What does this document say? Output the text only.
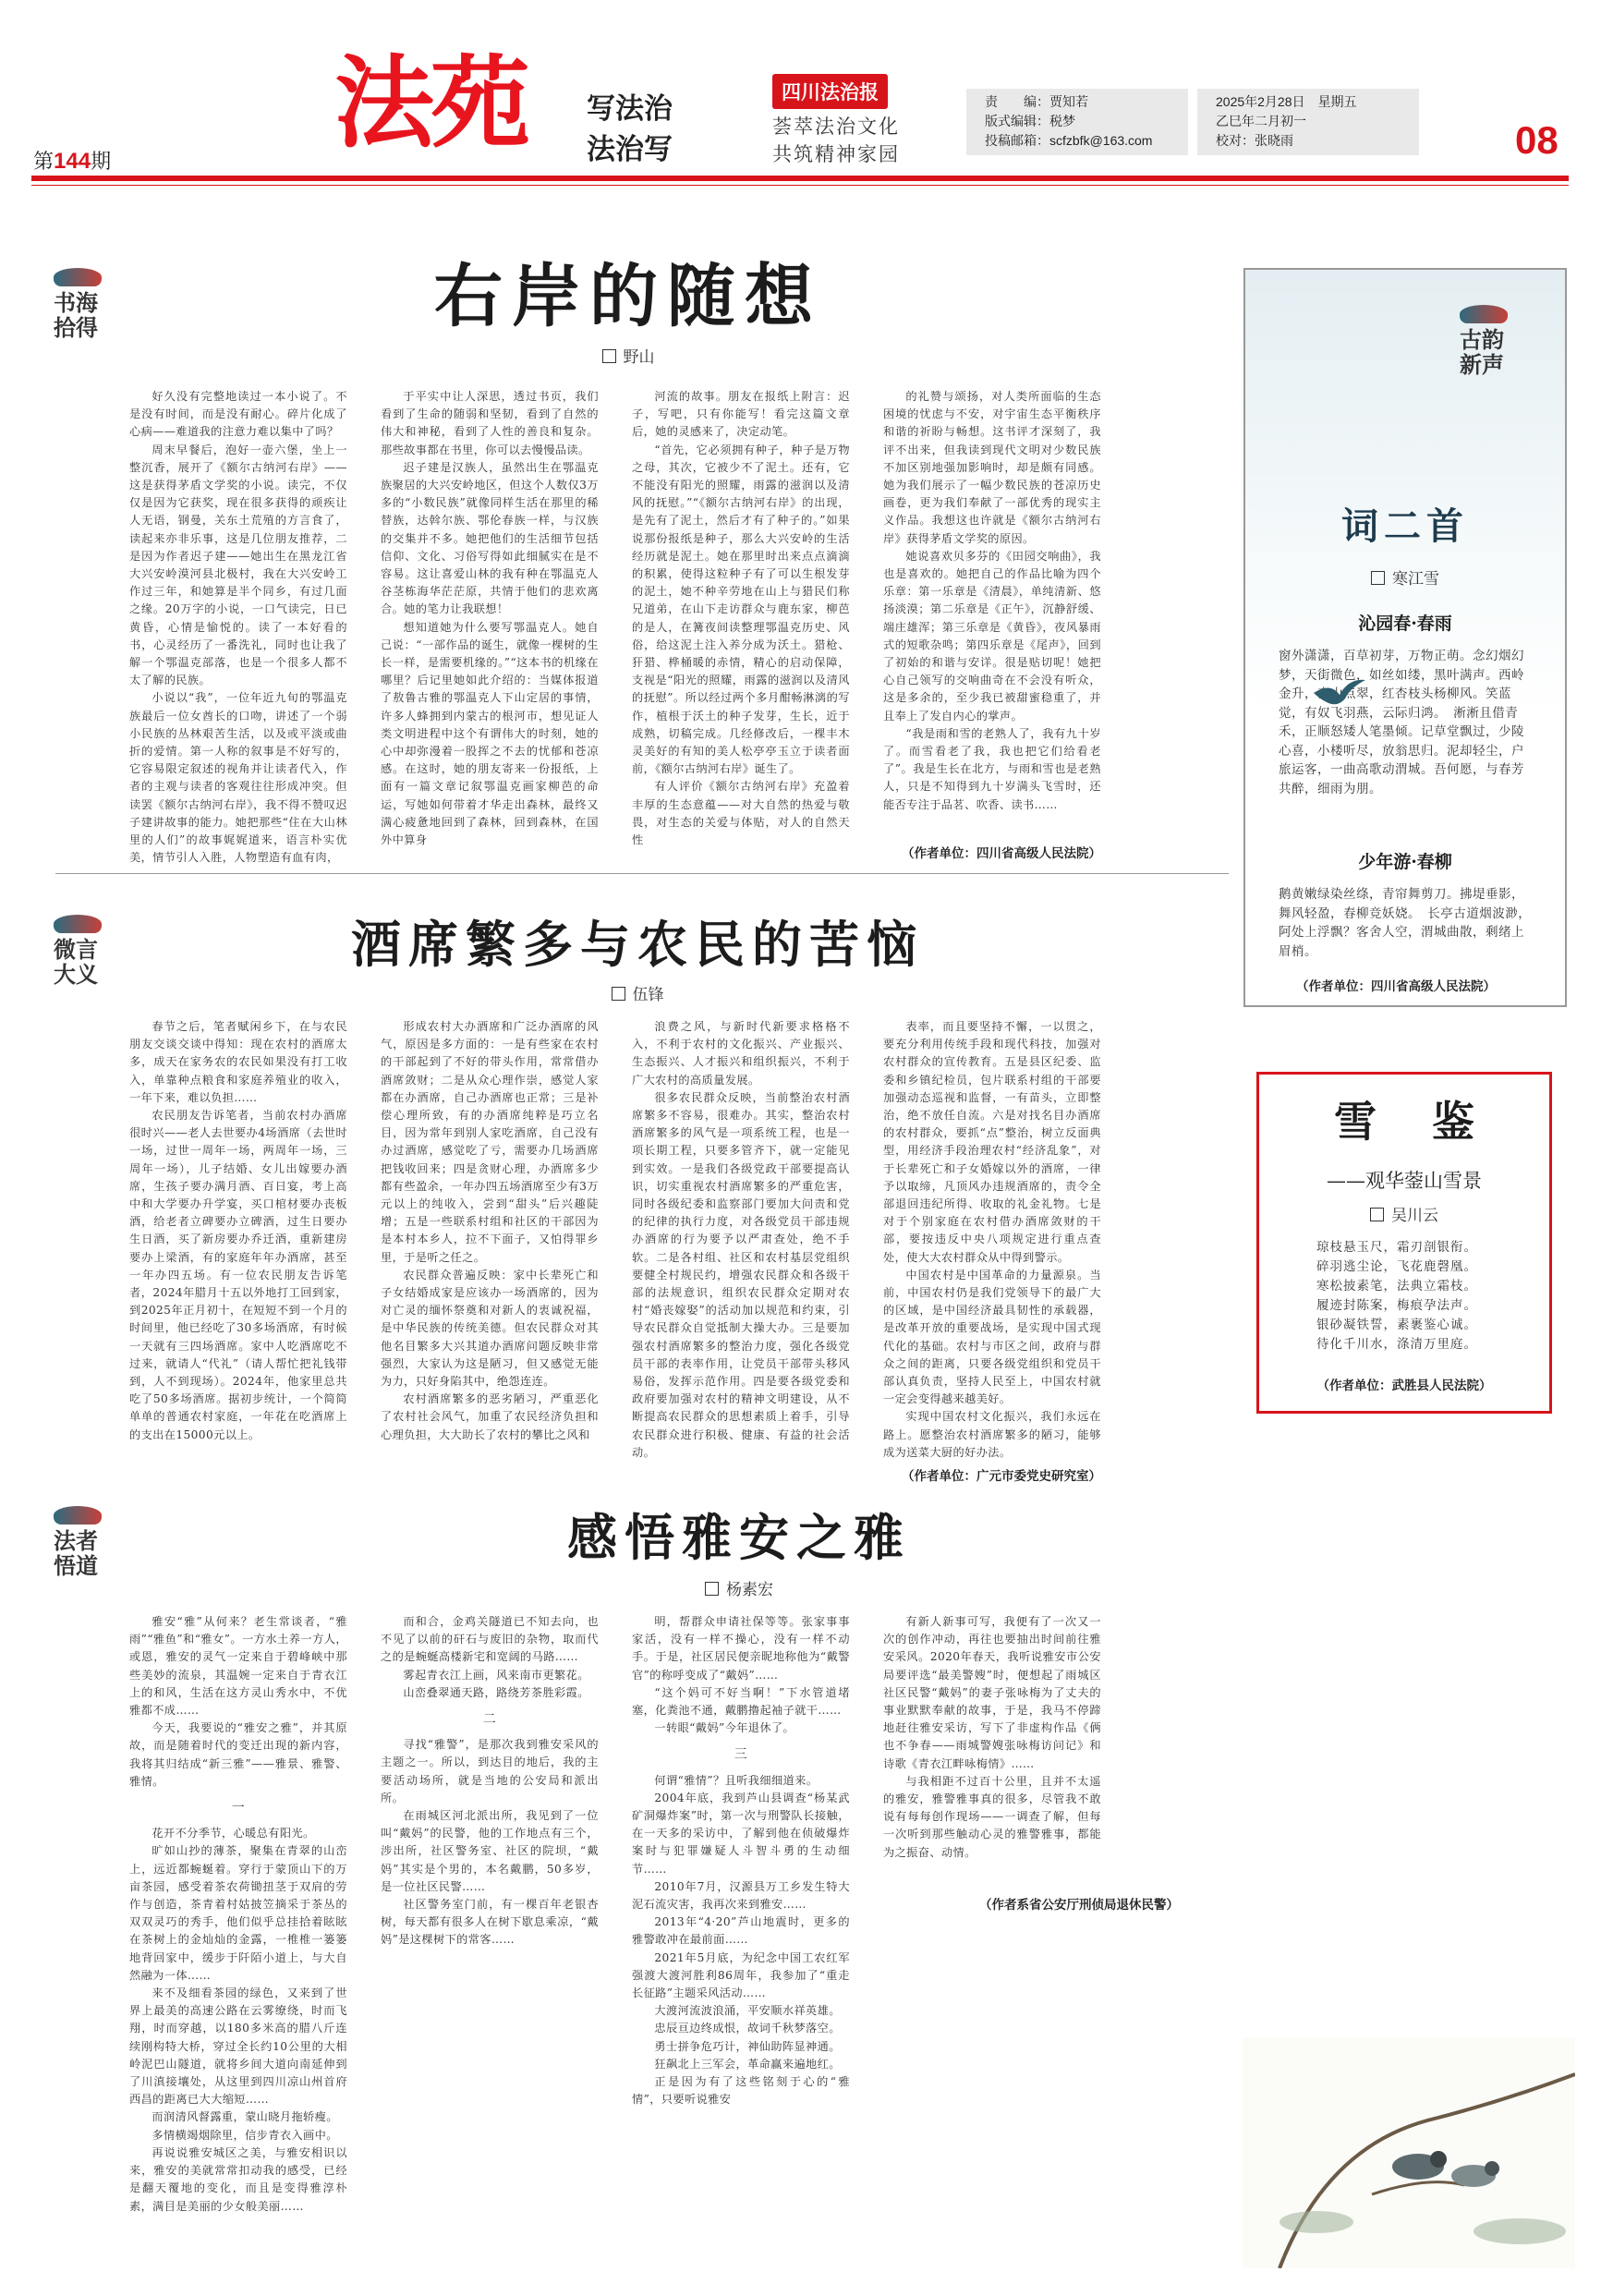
第144期 法苑 写法治
法治写
四川法治报
荟萃法治文化
共筑精神家园
责　　编：贾知若
版式编辑：税梦
投稿邮箱：scfzbfk@163.com
2025年2月28日　星期五
乙巳年二月初一
校对：张晓雨	08
书海拾得	右岸的随想
野山

好久没有完整地读过一本小说了。不是没有时间，而是没有耐心。碎片化成了心病——难道我的注意力难以集中了吗？

周末早餐后，泡好一壶六堡，坐上一整沉香，展开了《额尔古纳河右岸》——这是获得茅盾文学奖的小说。读完，不仅仅是因为它获奖，现在很多获得的顽疾让人无语，钢曼，关东土荒殖的方言食了，读起来亦非乐事，这是几位朋友推荐，二是因为作者迟子建——她出生在黑龙江省大兴安岭漠河县北极村，我在大兴安岭工作过三年，和她算是半个同乡，有过几面之缘。20万字的小说，一口气读完，日已黄昏，心情是愉悦的。读了一本好看的书，心灵经历了一番洗礼，同时也让我了解一个鄂温克部落，也是一个很多人都不太了解的民族。

小说以“我”，一位年近九旬的鄂温克族最后一位女酋长的口吻，讲述了一个弱小民族的丛林艰苦生活，以及或平淡或曲折的爱情。第一人称的叙事是不好写的，它容易限定叙述的视角并让读者代入，作者的主观与读者的客观往往形成冲突。但读罢《额尔古纳河右岸》，我不得不赞叹迟子建讲故事的能力。她把那些“住在大山林里的人们”的故事娓娓道来，语言朴实优美，情节引人入胜，人物塑造有血有肉，

于平实中让人深思，透过书页，我们看到了生命的随弱和坚韧，看到了自然的伟大和神秘，看到了人性的善良和复杂。那些故事都在书里，你可以去慢慢品读。

迟子建是汉族人，虽然出生在鄂温克族聚居的大兴安岭地区，但这个人数仅3万多的“小数民族”就像同样生活在那里的稀替族，达斡尔族、鄂伦春族一样，与汉族的交集并不多。她把他们的生活细节包括信仰、文化、习俗写得如此细腻实在是不容易。这让喜爱山林的我有种在鄂温克人谷茎栋海华茫茫原，共情于他们的悲欢离合。她的笔力让我联想！

想知道她为什么要写鄂温克人。她自己说：“一部作品的诞生，就像一棵树的生长一样，是需要机缘的。”“这本书的机缘在哪里？后记里她如此介绍的：当媒体报道了敖鲁古雅的鄂温克人下山定居的事情，许多人蜂拥到内蒙古的根河市，想见证人类文明进程中这个有谓伟大的时刻，她的心中却弥漫着一股挥之不去的忧郁和苍凉感。在这时，她的朋友寄来一份报纸，上面有一篇文章记叙鄂温克画家柳芭的命运，写她如何带着才华走出森林，最终又满心疲惫地回到了森林，回到森林，在国外中算身

河流的故事。朋友在报纸上附言：迟子，写吧，只有你能写！看完这篇文章后，她的灵感来了，决定动笔。

“首先，它必须拥有种子，种子是万物之母，其次，它被少不了泥土。还有，它不能没有阳光的照耀，雨露的滋润以及清风的抚慰。”“《额尔古纳河右岸》的出现，是先有了泥土，然后才有了种子的。”如果说那份报纸是种子，那么大兴安岭的生活经历就是泥土。她在那里时出来点点滴滴的积累，使得这粒种子有了可以生根发芽的泥土，她不种辛劳地在山上与猎民们称兄道弟，在山下走访群众与鹿东家，柳芭的是人，在篝夜间读整理鄂温克历史、风俗，给这泥土注入养分成为沃土。猎枪、犴猎、桦桶暖的赤情，精心的启动保障，支视是“阳光的照耀，雨露的滋润以及清风的抚慰”。所以经过两个多月酣畅淋漓的写作，植根于沃土的种子发芽，生长，近于成熟，切稿完成。几经修改后，一棵丰木灵美好的有知的美人松亭亭玉立于读者面前，《额尔古纳河右岸》诞生了。

有人评价《额尔古纳河右岸》充盈着丰厚的生态意蕴——对大自然的热爱与敬畏，对生态的关爱与体贴，对人的自然天性

的礼赞与颂扬，对人类所面临的生态困境的忧虑与不安，对宇宙生态平衡秩序和谐的祈盼与畅想。这书评才深刻了，我评不出来，但我读到现代文明对少数民族不加区别地强加影响时，却是颇有同感。她为我们展示了一幅少数民族的苍凉历史画卷，更为我们奉献了一部优秀的现实主义作品。我想这也许就是《额尔古纳河右岸》获得茅盾文学奖的原因。

她说喜欢贝多芬的《田园交响曲》，我也是喜欢的。她把自己的作品比喻为四个乐章：第一乐章是《清晨》，单纯清新、悠扬淡漠；第二乐章是《正午》，沉静舒缓、端庄雄浑；第三乐章是《黄昏》，夜风暴雨式的短歌杂鸣；第四乐章是《尾声》，回到了初始的和谐与安详。很是贴切呢！她把心自己领写的交响曲奇在不会没有听众，这是多余的，至少我已被甜蜜稳重了，并且奉上了发自内心的掌声。

“我是雨和雪的老熟人了，我有九十岁了。而雪看老了我，我也把它们给看老了”。我是生长在北方，与雨和雪也是老熟人，只是不知得到九十岁满头飞雪时，还能否专注于品茗、吹香、读书……

（作者单位：四川省高级人民法院）
古韵新声
词二首
寒江雪
沁园春·春雨
窗外潇潇，百草初芽，万物正萌。念幻烟幻梦，天街微色，如丝如缕，黑叶满声。西岭金升，南山点翠，红杏枝头杨柳风。笑蓝觉，有奴飞羽燕，云际归鸿。　淅淅且借青禾，正顺怒矮人笔墨倾。记草堂飘过，少陵心喜，小楼听尽，放翁思归。泥却轻尘，户旅运客，一曲高歌动渭城。吾何愿，与春芳共醉，细雨为朋。
少年游·春柳
鹅黄嫩绿染丝绦，青帘舞剪刀。拂堤垂影，舞风轻盈，春柳竞妖娆。　长亭古道烟波渺，阿处上浮飘？客舍人空，渭城曲散，剩绪上眉梢。
（作者单位：四川省高级人民法院）
雪鉴
——观华蓥山雪景
吴川云
琼枝悬玉尺，霜刃剖银衔。
碎羽逃尘论，飞花鹿磬凰。
寒松披素笔，法典立霜枝。
履迹封陈案，梅痕孕法声。
银砂凝铁誓，素裹鉴心诚。
待化千川水，涤清万里庭。
（作者单位：武胜县人民法院）
微言大义
酒席繁多与农民的苦恼
伍锋

春节之后，笔者赋闲乡下，在与农民朋友交谈交谈中得知：现在农村的酒席太多，成天在家务农的农民如果没有打工收入，单靠种点粮食和家庭养殖业的收入，一年下来，难以负担……

农民朋友告诉笔者，当前农村办酒席很时兴——老人去世要办4场酒席（去世时一场，过世一周年一场，两周年一场，三周年一场），儿子结婚、女儿出嫁要办酒席，生孩子要办满月酒、百日宴，考上高中和大学要办升学宴，买口棺材要办丧板酒，给老者立碑要办立碑酒，过生日要办生日酒，买了新房要办乔迁酒，重新建房要办上梁酒，有的家庭年年办酒席，甚至一年办四五场。有一位农民朋友告诉笔者，2024年腊月十五以外地打工回到家，到2025年正月初十，在短短不到一个月的时间里，他已经吃了30多场酒席，有时候一天就有三四场酒席。家中人吃酒席吃不过来，就请人“代礼”（请人帮忙把礼钱带到，人不到现场）。2024年，他家里总共吃了50多场酒席。据初步统计，一个简简单单的普通农村家庭，一年花在吃酒席上的支出在15000元以上。

形成农村大办酒席和广泛办酒席的风气，原因是多方面的：一是有些家在农村的干部起到了不好的带头作用，常常借办酒席敛财；二是从众心理作崇，感觉人家都在办酒席，自己办酒席也正常；三是补偿心理所致，有的办酒席纯粹是巧立名目，因为常年到别人家吃酒席，自己没有办过酒席，感觉吃了亏，需要办几场酒席把钱收回来；四是贪财心理，办酒席多少都有些盈余，一年办四五场酒席至少有3万元以上的纯收入，尝到“甜头”后兴趣陡增；五是一些联系村组和社区的干部因为是本村本乡人，拉不下面子，又怕得罪乡里，于是听之任之。

农民群众普遍反映：家中长辈死亡和子女结婚成家是应该办一场酒席的，因为对亡灵的缅怀祭奠和对新人的衷诚祝福，是中华民族的传统美德。但农民群众对其他名目繁多大兴其道办酒席问题反映非常强烈，大家认为这是陋习，但又感觉无能为力，只好身陷其中，绝怨连连。

农村酒席繁多的恶劣陋习，严重恶化了农村社会风气，加重了农民经济负担和心理负担，大大助长了农村的攀比之风和

浪费之风，与新时代新要求格格不入，不利于农村的文化振兴、产业振兴、生态振兴、人才振兴和组织振兴，不利于广大农村的高质量发展。

很多农民群众反映，当前整治农村酒席繁多不容易，很难办。其实，整治农村酒席繁多的风气是一项系统工程，也是一项长期工程，只要多管齐下，就一定能见到实效。一是我们各级党政干部要提高认识，切实重视农村酒席繁多的严重危害，同时各级纪委和监察部门要加大问责和党的纪律的执行力度，对各级党员干部违规办酒席的行为要予以严肃查处，绝不手软。二是各村组、社区和农村基层党组织要健全村规民约，增强农民群众和各级干部的法规意识，组织农民群众定期对农村“婚丧嫁娶”的活动加以规范和约束，引导农民群众自觉抵制大操大办。三是要加强农村酒席繁多的整治力度，强化各级党员干部的表率作用，让党员干部带头移风易俗，发挥示范作用。四是要各级党委和政府要加强对农村的精神文明建设，从不断提高农民群众的思想素质上着手，引导农民群众进行积极、健康、有益的社会活动。

表率，而且要坚持不懈，一以贯之，要充分利用传统手段和现代科技，加强对农村群众的宣传教育。五是县区纪委、监委和乡镇纪检员，包片联系村组的干部要加强动态巡视和监督，一有苗头，立即整治，绝不放任自流。六是对找名目办酒席的农村群众，要抓“点”整治，树立反面典型，用经济手段治理农村“经济乱象”，对于长辈死亡和子女婚嫁以外的酒席，一律予以取缔，凡顶风办违规酒席的，责令全部退回违纪所得、收取的礼金礼物。七是对于个别家庭在农村借办酒席敛财的干部，要按违反中央八项规定进行重点查处，使大大农村群众从中得到警示。

中国农村是中国革命的力量源泉。当前，中国农村仍是我们党领导下的最广大的区域，是中国经济最具韧性的承载器，是改革开放的重要战场，是实现中国式现代化的基础。农村与市区之间，政府与群众之间的距离，只要各级党组织和党员干部认真负责，坚持人民至上，中国农村就一定会变得越来越美好。

实现中国农村文化振兴，我们永远在路上。愿整治农村酒席繁多的陋习，能够成为送菜大厨的好办法。

（作者单位：广元市委党史研究室）
法者悟道	感悟雅安之雅
杨素宏

雅安“雅”从何来？老生常谈者，“雅雨”“雅鱼”和“雅女”。一方水土养一方人，或恩，雅安的灵气一定来自于碧峰峡中那些美妙的流泉，其温婉一定来自于青衣江上的和风，生活在这方灵山秀水中，不优雅都不成……

今天，我要说的“雅安之雅”，并其原故，而是随着时代的变迁出现的新内容，我将其归结成“新三雅”——雅景、雅警、雅情。

一

花开不分季节，心暖总有阳光。

旷如山抄的薄茶，聚集在青翠的山峦上，远近都蜿蜒着。穿行于蒙顶山下的万亩茶园，感受着茶农荷锄扭茎于双肩的劳作与创造，茶青着村姑披笠摘采于茶丛的双双灵巧的秀手，他们似乎总挂拾着眩眩在茶树上的金灿灿的金露，一椎椎一篓篓地背回家中，缓步于阡陌小道上，与大自然融为一体……

来不及细看茶园的绿色，又来到了世界上最美的高速公路在云雾缭绕，时而飞翔，时而穿越，以180多米高的腊八斤连续刚构特大桥，穿过全长约10公里的大相岭泥巴山隧道，就将乡间大道向南延伸到了川滇接壤处，从这里到四川凉山州首府西昌的距离已大大缩短……

而润清风督露重，蒙山晓月拖轿瘦。

多情横竭烟除里，信步青衣入画中。

再说说雅安城区之美，与雅安相识以来，雅安的美就常常扣动我的感受，已经是翻天覆地的变化，而且是变得雅淳朴素，满目是美丽的少女般美丽……

而和合，金鸡关隧道已不知去向，也不见了以前的矸石与废旧的杂物，取而代之的是蜿蜒高楼新宅和宽阔的马路……

雾起青衣江上画，风来南市更繁花。

山峦叠翠通天路，路绕芳茶胜彩霞。

二

寻找“雅警”，是那次我到雅安采风的主题之一。所以，到达目的地后，我的主要活动场所，就是当地的公安局和派出所。

在雨城区河北派出所，我见到了一位叫“戴妈”的民警，他的工作地点有三个，涉出所，社区警务室、社区的院坝，“戴妈”其实是个男的，本名戴鹏，50多岁，是一位社区民警……

社区警务室门前，有一棵百年老银杏树，每天都有很多人在树下歇息乘凉，“戴妈”是这棵树下的常客……

明，帮群众申请社保等等。张家事事家活，没有一样不操心，没有一样不动手。于是，社区居民便亲昵地称他为“戴警官”的称呼变成了“戴妈”……

“这个妈可不好当啊！”下水管道堵塞，化粪池不通，戴鹏撸起袖子就干……

一转眼“戴妈”今年退休了。

三

何谓“雅情”？且听我细细道来。

2004年底，我到芦山县调查“杨某武矿洞爆炸案”时，第一次与刑警队长接触，在一天多的采访中，了解到他在侦破爆炸案时与犯罪嫌疑人斗智斗勇的生动细节……

2010年7月，汉源县万工乡发生特大泥石流灾害，我再次来到雅安……

2013年“4·20”芦山地震时，更多的雅警敢冲在最前面……

2021年5月底，为纪念中国工农红军强渡大渡河胜利86周年，我参加了“重走长征路”主题采风活动……

大渡河流波浪涌，平安顺水祥英雄。

忠辰亘边终成恨，故词千秋梦落空。

勇士拼争危巧计，神仙助阵显神通。

狂飙北上三军会，革命赢来遍地红。

正是因为有了这些铭刻于心的“雅情”，只要听说雅安

有新人新事可写，我便有了一次又一次的创作冲动，再往也要抽出时间前往雅安采风。2020年春天，我听说雅安市公安局要评选“最美警嫂”时，便想起了雨城区社区民警“戴妈”的妻子张咏梅为了丈夫的事业默默奉献的故事，于是，我马不停蹄地赶往雅安采访，写下了非虚构作品《俩也不争春——雨城警嫂张咏梅访问记》和诗歌《青衣江畔咏梅情》……

与我相距不过百十公里，且并不太遥的雅安，雅警雅事真的很多，尽管我不敢说有每每创作现场——一调查了解，但每一次听到那些触动心灵的雅警雅事，都能为之振奋、动情。

（作者系省公安厅刑侦局退休民警）
